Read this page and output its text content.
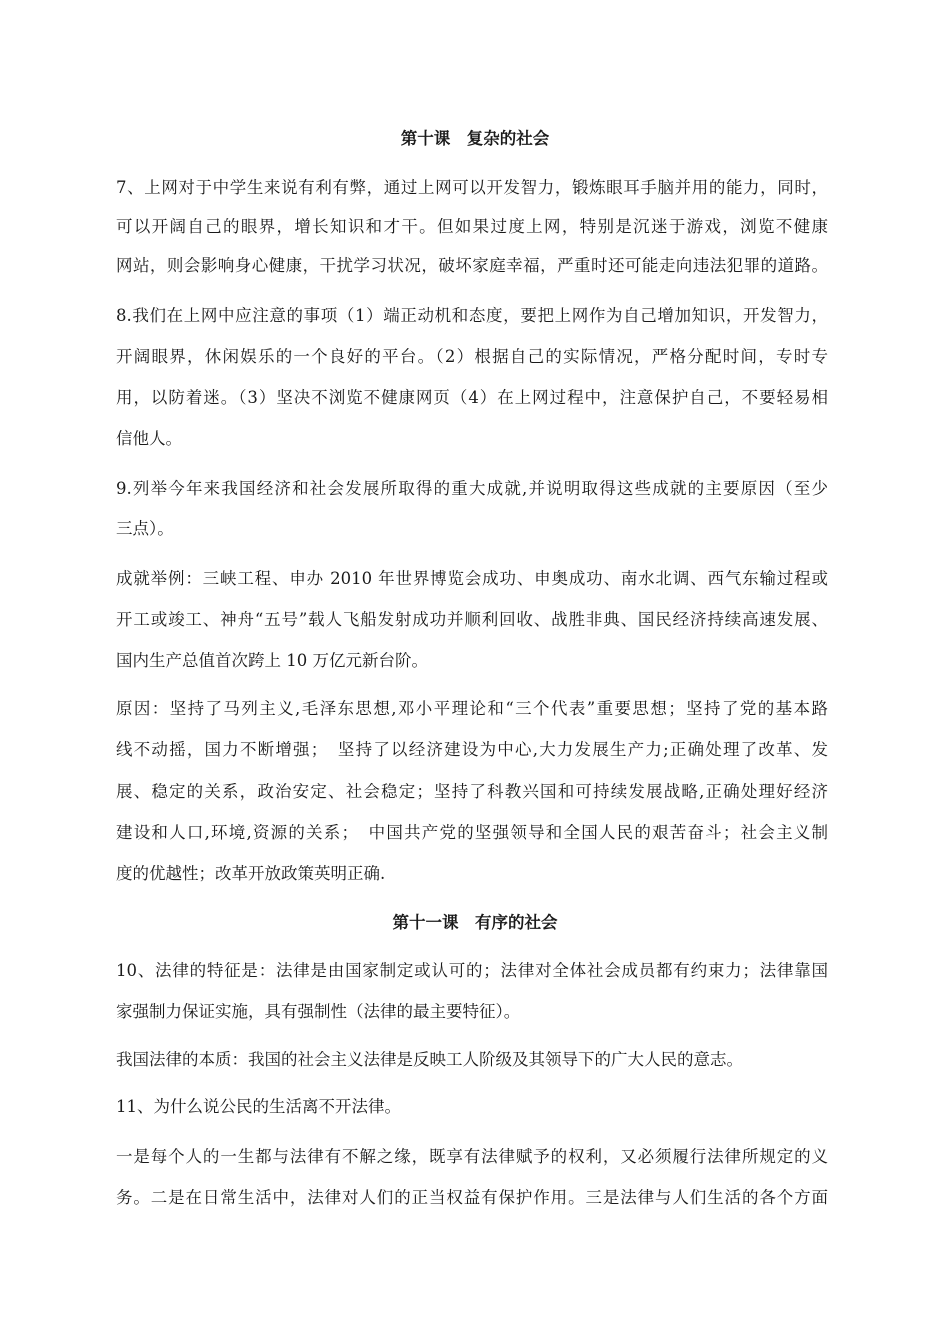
第十课　复杂的社会
7、上网对于中学生来说有利有弊，通过上网可以开发智力，锻炼眼耳手脑并用的能力，同时，
可以开阔自己的眼界，增长知识和才干。但如果过度上网，特别是沉迷于游戏，浏览不健康
网站，则会影响身心健康，干扰学习状况，破坏家庭幸福，严重时还可能走向违法犯罪的道路。
8.我们在上网中应注意的事项（1）端正动机和态度，要把上网作为自己增加知识，开发智力，
开阔眼界，休闲娱乐的一个良好的平台。（2）根据自己的实际情况，严格分配时间，专时专
用，以防着迷。（3）坚决不浏览不健康网页（4）在上网过程中，注意保护自己，不要轻易相
信他人。
9.列举今年来我国经济和社会发展所取得的重大成就,并说明取得这些成就的主要原因（至少
三点）。
成就举例：三峡工程、申办 2010 年世界博览会成功、申奥成功、南水北调、西气东输过程或
开工或竣工、神舟“五号”载人飞船发射成功并顺利回收、战胜非典、国民经济持续高速发展、
国内生产总值首次跨上 10 万亿元新台阶。
原因：坚持了马列主义,毛泽东思想,邓小平理论和“三个代表”重要思想；坚持了党的基本路
线不动摇，国力不断增强；　坚持了以经济建设为中心,大力发展生产力;正确处理了改革、发
展、稳定的关系，政治安定、社会稳定；坚持了科教兴国和可持续发展战略,正确处理好经济
建设和人口,环境,资源的关系；　中国共产党的坚强领导和全国人民的艰苦奋斗；社会主义制
度的优越性；改革开放政策英明正确.
第十一课　有序的社会
10、法律的特征是：法律是由国家制定或认可的；法律对全体社会成员都有约束力；法律靠国
家强制力保证实施，具有强制性（法律的最主要特征）。
我国法律的本质：我国的社会主义法律是反映工人阶级及其领导下的广大人民的意志。
11、为什么说公民的生活离不开法律。
一是每个人的一生都与法律有不解之缘，既享有法律赋予的权利，又必须履行法律所规定的义
务。二是在日常生活中，法律对人们的正当权益有保护作用。三是法律与人们生活的各个方面
